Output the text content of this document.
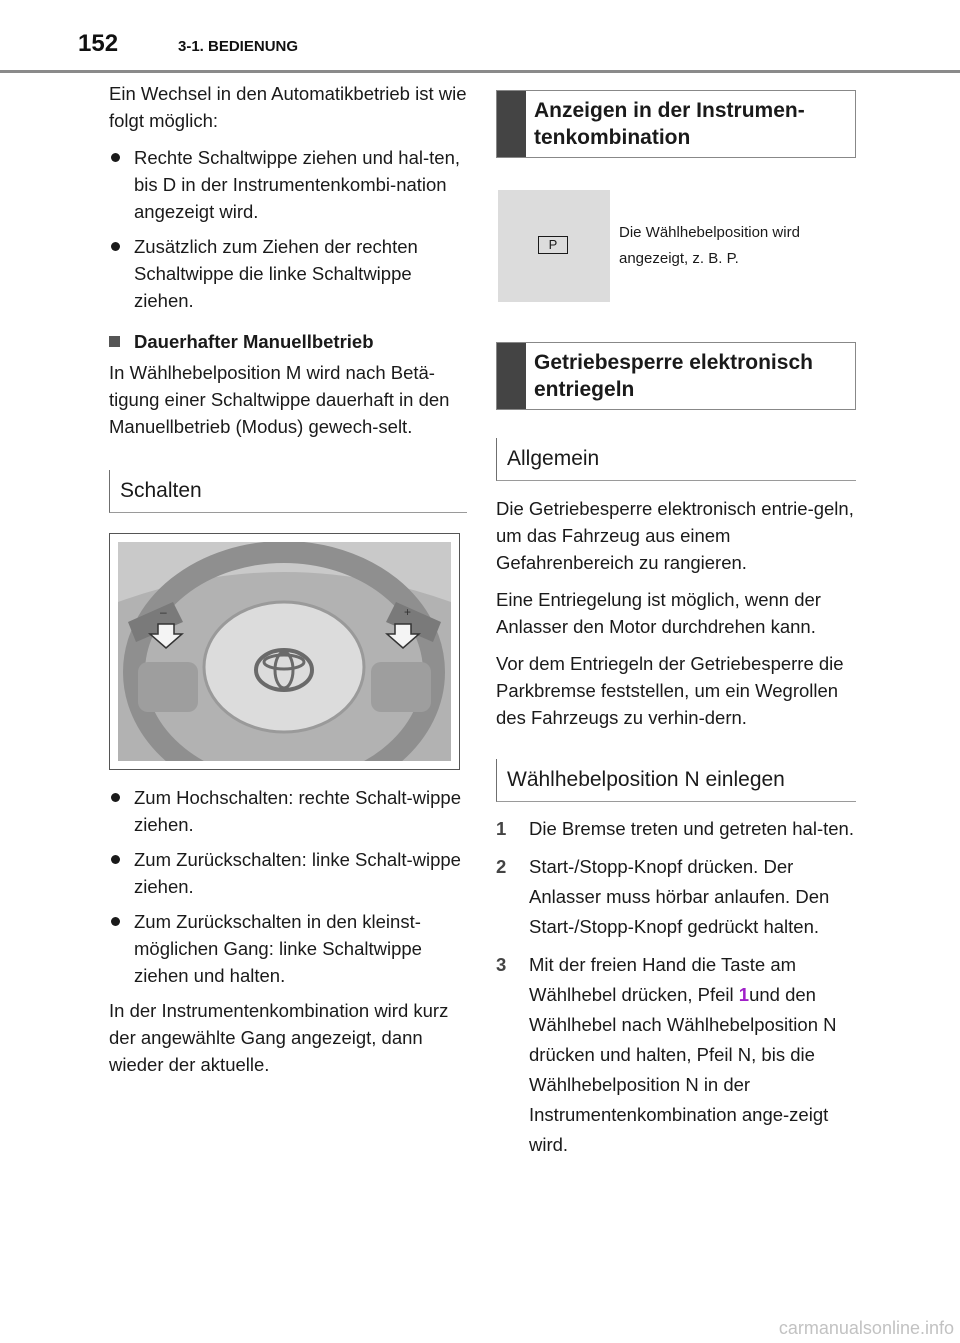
152	3-1. BEDIENUNG

Ein Wechsel in den Automatikbetrieb ist wie folgt möglich:

Rechte Schaltwippe ziehen und hal-ten, bis D in der Instrumentenkombi-nation angezeigt wird.
Zusätzlich zum Ziehen der rechten Schaltwippe die linke Schaltwippe ziehen.
Dauerhafter Manuellbetrieb

In Wählhebelposition M wird nach Betä-tigung einer Schaltwippe dauerhaft in den Manuellbetrieb (Modus) gewech-selt.

Schalten
–	+
Zum Hochschalten: rechte Schalt-wippe ziehen.
Zum Zurückschalten: linke Schalt-wippe ziehen.
Zum Zurückschalten in den kleinst-möglichen Gang: linke Schaltwippe ziehen und halten.

In der Instrumentenkombination wird kurz der angewählte Gang angezeigt, dann wieder der aktuelle.

Anzeigen in der Instrumen-tenkombination
P
Die Wählhebelposition wird angezeigt, z. B. P.
Getriebesperre elektronisch entriegeln
Allgemein

Die Getriebesperre elektronisch entrie-geln, um das Fahrzeug aus einem Gefahrenbereich zu rangieren.

Eine Entriegelung ist möglich, wenn der Anlasser den Motor durchdrehen kann.

Vor dem Entriegeln der Getriebesperre die Parkbremse feststellen, um ein Wegrollen des Fahrzeugs zu verhin-dern.

Wählhebelposition N einlegen
1	Die Bremse treten und getreten hal-ten.
2	Start-/Stopp-Knopf drücken. Der Anlasser muss hörbar anlaufen. Den Start-/Stopp-Knopf gedrückt halten.
3	Mit der freien Hand die Taste am Wählhebel drücken, Pfeil 1und den Wählhebel nach Wählhebelposition N drücken und halten, Pfeil N, bis die Wählhebelposition N in der Instrumentenkombination ange-zeigt wird.
carmanualsonline.info
